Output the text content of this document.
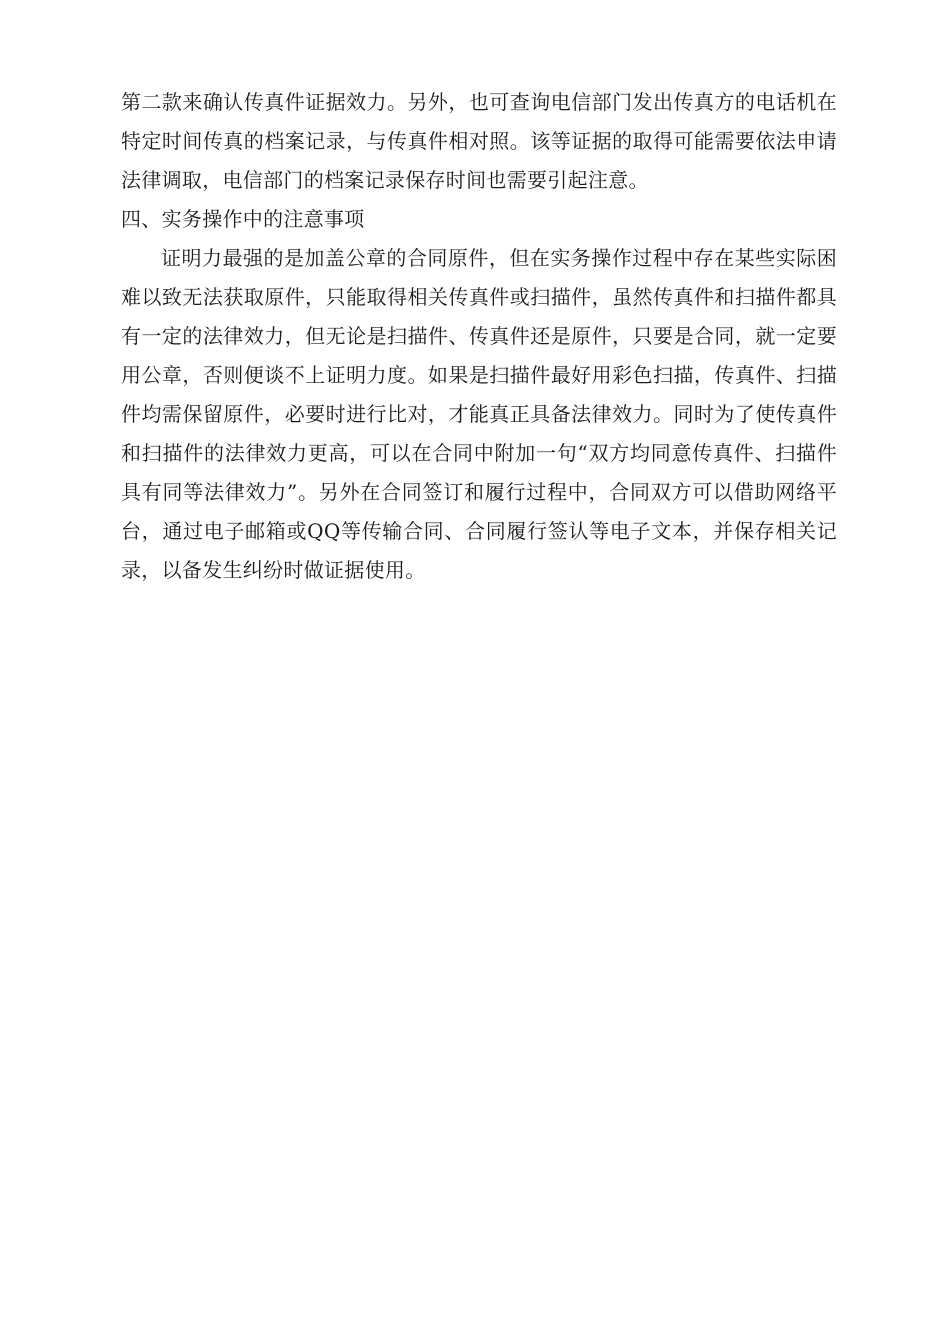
第二款来确认传真件证据效力。另外，也可查询电信部门发出传真方的电话机在
特定时间传真的档案记录，与传真件相对照。该等证据的取得可能需要依法申请
法律调取，电信部门的档案记录保存时间也需要引起注意。
四、实务操作中的注意事项
证明力最强的是加盖公章的合同原件，但在实务操作过程中存在某些实际困
难以致无法获取原件，只能取得相关传真件或扫描件，虽然传真件和扫描件都具
有一定的法律效力，但无论是扫描件、传真件还是原件，只要是合同，就一定要
用公章，否则便谈不上证明力度。如果是扫描件最好用彩色扫描，传真件、扫描
件均需保留原件，必要时进行比对，才能真正具备法律效力。同时为了使传真件
和扫描件的法律效力更高，可以在合同中附加一句“双方均同意传真件、扫描件
具有同等法律效力”。另外在合同签订和履行过程中，合同双方可以借助网络平
台，通过电子邮箱或QQ等传输合同、合同履行签认等电子文本，并保存相关记
录，以备发生纠纷时做证据使用。
